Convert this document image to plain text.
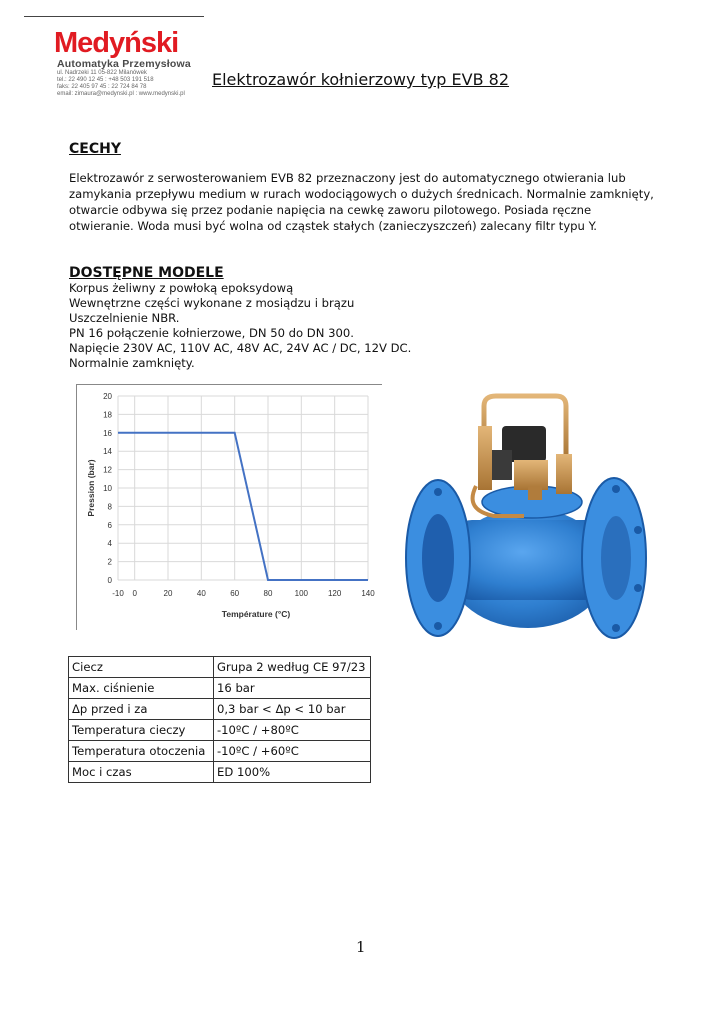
Medyński
Automatyka Przemysłowa
ul. Nadrzeki 11 05-822 Milanówek
tel.: 22 490 12 45 : +48 503 191 518
faks: 22 405 97 45 : 22 724 84 78
email: zimaura@medynski.pl : www.medynski.pl
Elektrozawór kołnierzowy typ EVB 82
CECHY
Elektrozawór z serwosterowaniem EVB 82 przeznaczony jest do automatycznego otwierania lub zamykania przepływu medium w rurach wodociągowych o dużych średnicach. Normalnie zamknięty, otwarcie odbywa się przez podanie napięcia na cewkę zaworu pilotowego. Posiada ręczne otwieranie. Woda musi być wolna od cząstek stałych (zanieczyszczeń) zalecany filtr typu Y.
DOSTĘPNE MODELE
Korpus żeliwny z powłoką epoksydową
Wewnętrzne części wykonane z mosiądzu i brązu
Uszczelnienie NBR.
PN 16 połączenie kołnierzowe, DN 50 do DN 300.
Napięcie 230V AC, 110V AC, 48V AC, 24V AC / DC, 12V DC.
Normalnie zamknięty.
0
2
4
6
8
10
12
14
16
18
20
-10 0	20	40	60	80	100 120 140
Température (°C)
Pression (bar)
Ciecz	Grupa 2 według CE 97/23
Max. ciśnienie	16 bar
Δp przed i za	0,3 bar < Δp < 10 bar
Temperatura cieczy	-10ºC / +80ºC
Temperatura otoczenia	-10ºC / +60ºC
Moc i czas	ED 100%
1
